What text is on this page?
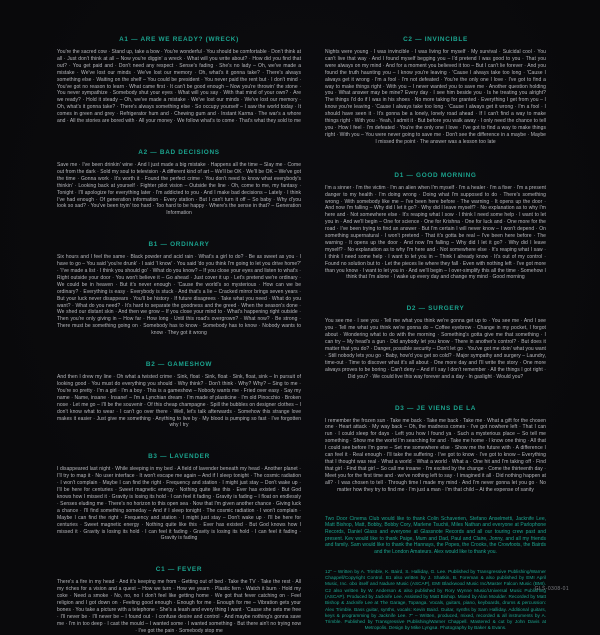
A1 — ARE WE READY? (WRECK)

You're the sacred cow · Stand up, take a bow · You're wonderful · You should be comfortable · Don't think at all · Just don't think at all – Now you're diggin' a wreck · What will you write about? · How did you find that out? · You get paid and · Don't need any respect · Sense's fading · She's no lady – Oh, we've made a mistake · We've lost our minds · We've lost our memory · Oh, what's it gonna take? · There's always something else · Waiting on the shelf – You could be president · You never paid the rent but · I don't mind · You've got no reason to learn · What came first · It can't be good enough – Now you're throwin' the stone · You never sympathize · Somebody shut your eyes · What will you say · With that mind of your own? · Are we ready? · Hold it steady – Oh, we've made a mistake · We've lost our minds · We've lost our memory · Oh, what's it gonna take? · There's always something else · So occupy yourself – I saw the world today · It comes in green and grey · Refrigerator hum and · Chewing gum and · Instant Karma · The war's a whore and · All the stories are bored with · All your money · We follow what's to come · That's what they sold to me

A2 — BAD DECISIONS

Save me · I've been drinkin' wine · And I just made a big mistake · Happens all the time – Slay me · Come out from the dark · Sold my soul to television · A different kind of art – We'll be OK · We'll be OK – We've got the time · Gonna work · It's worth it · Found the perfect crime · You don't need to know what everybody's thinkin' · Looking back at yourself · Fighter pilot vision – Outside the line · Oh, come to me, my fantasy · Tonight · I'll apologize for everything later · I'm addicted to you · And I make bad decisions – Lately · I think I've had enough · Of generation information · Every station · But I can't turn it off – So baby · Why d'you look so sad? · You've been tryin' too hard · Too hard to be happy · Where's the sense in that? – Generation Information

B1 — ORDINARY

Six hours and I feel the same · Black powder and acid rain · What's a girl to do? · Be as sweet as you · I have to go – You said 'you're drunk' · I said 'I know' · You said 'do you think I'm going to let you drive home?' · 'I've made a list · I think you should go' · What do you know? – If you close your eyes and listen to what's · Right outside your door · You won't believe it – Go ahead · Just cover it up · Let's pretend we're ordinary · We could be in heaven · But it's never enough · 'Cause the world's so mysterious · How can we be ordinary? · Everything is easy · Everybody is stuck · And that's a lie – Cracked mirror brings seven years · But your luck never disappears · You'll be history · If future disagrees · Take what you need · What do you want? · What do you need? · It's hard to separate the goodness and the greed · When the season's done · We shed our distant skin · And then we grow – If you close your mind to · What's happening right outside · Then you're only giving in – How far · How long · Until this road's overgrown? · What now? · Be strong · There must be something going on · Somebody has to know · Somebody has to know · Nobody wants to know · They got it wrong

B2 — GAMESHOW

And then I drew my line · Oh what a twisted crime · Sink, float · Sink, float · Sink, float, sink – In pursuit of looking good · You must do everything you should · Why think? · Don't think · Why? Why? – Sing to me · You're so pretty · I'm a girl · I'm a boy · This is a gameshow – Nobody wants me · Fried over easy · Say my name · Name, insane · Insane! – I'm a Lynchian dream · I'm made of plasticine · I'm old Pinocchio · Broken nose · Let me go – I'll be the souvenir · Of this cheap champagne · Spill the bubbles on designer clothes – I don't know what to wear · I can't go over there · Well, let's talk afterwards · Somehow this strange love makes it easier · Just give me something · Anything to live by · My blood is pumping so fast · I've forgotten why I try

B3 — LAVENDER

I disappeared last night · While sleeping in my bed · A field of lavender beneath my head · Another planet · I'll try to map it · No user interface · It won't escape me again – And if I sleep tonight · The cosmic radiation · I won't complain · Maybe I can find the right · Frequency and station · I might just stay – Don't wake up · I'll be here for centuries · Sweet magnetic energy · Nothing quite like this · Ever has existed · But God knows how I missed it · Gravity is losing its hold · I can feel it fading · Gravity is fading – I float on endlessly · Senses eluding me · There's no horizon to this open sea · Now that I'm given another chance · Giving luck a chance · I'll find something someday – And if I sleep tonight · The cosmic radiation · I won't complain · Maybe I can find the right · Frequency and station · I might just stay – Don't wake up · I'll be here for centuries · Sweet magnetic energy · Nothing quite like this · Ever has existed · But God knows how I missed it · Gravity is losing its hold · I can feel it fading · Gravity is losing its hold · I can feel it fading · Gravity is fading

C1 — FEVER

There's a fire in my head · And it's keeping me from · Getting out of bed · Take the TV · Take the rest · All my riches for a vision and a quest – How we turn · How we yearn · Plastic fern · Watch it burn · Hold my coke · Need a smoke · No, no, no I don't feel like getting home · We got that fever catching on · Feel religion and I got down on · Feeling good enough · Enough for me · Enough for me – Vibration gets your bones · You take a picture with a telephone · She's a leash and every thing I want · 'Cause she sets me free · I'll never be · I'll never be – I found out · I confuse desire and control · And maybe nothing's gonna save me · I'm in too deep · I cast the mould – I wanted some · I wanted something · But there ain't no trying now · I've got the pain · Somebody stop me

C2 — INVINCIBLE

Nights were young · I was invincible · I was living for myself · My survival · Suicidal cool · You can't live that way · And I found myself begging you – I'd pretend I was good to you · That you were always on my mind · And for a moment you believed it too – But I can't lie forever · And you found the truth haunting you – I know you're leaving · 'Cause I always take too long · 'Cause I always get it wrong · I'm a fool · I'm not defeated · You're the only one I love · I've got to find a way to make things right · With you – I never wanted you to save me · Another question holding you · What answer may be mine? Every day · I see him beside you · Is he treating you alright? The things I'd do if I was in his shoes · No more taking for granted · Everything I get from you – I know you're leaving · 'Cause I always take too long · 'Cause I always get it wrong · I'm a fool · I should have seen it · It's gonna be a lonely, lonely road ahead · If I can't find a way to make things right · With you · Yeah, I admit it · But before you walk away · I only need the chance to tell you · How I feel · I'm defeated · You're the only one I love · I've got to find a way to make things right · With you – You were never going to save me · Don't see the difference in a maybe · Maybe I missed the point · The answer was a lesson too late

D1 — GOOD MORNING

I'm a sinner · I'm the victim · I'm an alien when I'm myself · I'm a healer · I'm a fixer · I'm a present danger to my health · I'm doing wrong · Doing what I'm supposed to do · There's something wrong · With somebody like me – I've been here before · The warning · It opens up the door · And now I'm falling – Why did I let it go? · Why did I leave myself? · No explanation as to why I'm here and · Not somewhere else · It's reaping what I sow · I think I need some help · I want to let you in · And we'll begin – One for science · One for Krishna · One for luck and · One more for the road · I've been trying to find an answer · But I'm certain I will never know – I won't depend · On something supernatural · I won't pretend · That it's gotta be real – I've been here before · The warning · It opens up the door · And now I'm falling – Why did I let it go? · Why did I leave myself? · No explanation as to why I'm here and · Not somewhere else · It's reaping what I saw · I think I need some help · I want to let you in – Think I already know · It's out of my control · Found no solution but to · Let the pieces lie where they fall · Even with nothing left · I've got more than you know · I want to let you in · And we'll begin – I over-simplify this all the time · Somehow I think that I'm alone · I wake up every day and change my mind · Good morning

D2 — SURGERY

You see me · I see you · Tell me what you think we're gonna get up to · You see me · And I see you · Tell me what you think we're gonna do – Coffee eyebrow · Change in my pocket, I forgot about · Wondering what to do with the morning · Something's gotta give me that something · I can try – My head's a gun · Did anybody let you know · There in another's control? · But does it matter that you do? · Danger, possible security – Don't let go · You've got me doin' what you want · Still nobody lets you go · Baby, how'd you get so cold? · Major sympathy and surgery – Laundry, time-out · Time to discover what it's all about · One more day and I'll write the story · One more always proves to be boring · Can't deny – And if I say I don't remember · All the things I got right · Did you? · We could live this way forever and a day · In gaslight · Would you?

D3 — JE VIENS DE LA

I remember the frozen sun · Take me back · Take me back · Take me · What a gift for the chosen one · Heart attack · My way back – Oh, the madness comes · I've got nowhere left · That I can run · I could sleep for days · Left you how I found ya · Such a mysterious place – So tell me something · Show me the world I'm searching for and · Take me home · I know one thing · All that I could see before I'm gone – Set me somewhere else · Show me the future with · A difference I can feel it · Real enough · I'll take the suffering · I've got to know · I've got to know – Everything that I thought was real · What a world · What a world · What a · One hit and I'm taking off · Find that girl · Find that girl – So call me insane · I'm excited by the change · Come the thirteenth day · Meet you for the first time and · we've nothing left to say · I imagined it all · Did nothing happen at all? · I was chosen to tell · Through time I made my mind · And I'm never gonna let you go · No matter how they try to find me · I'm just a man · I'm that child – At the expense of sanity

Two Door Cinema Club would like to thank Colin Schaverien, Stefano Anselmetti, Jacknife Lee, Matt Bishop, Matt, Bobby, Bobby Cory, Marlene Tsuchii, Miles Nathan and everyone at Parlophone Records, Daniel Glass and everyone at Glassnote Records and all our touring crew past and present. Kev would like to thank Paige, Mum and Dad, Paul and Claire, Jonny, and all my friends and family. Sam would like to thank the Hannays, the Popes, the Crooks, the Crowfoots, the Bairds and the London Amateurs. Alex would like to thank you.

12" – Written by A. Trimble, K. Baird, S. Halliday, G. Lee. Published by Transgressive Publishing/Warner Chappell/Copyright Control. B1 also written by J. Shatkin, B. Foreman & also published by EMI April Music, Inc. obo itself and Nadure Music (ASCAP), EMI Blackwood Music Inc/Master Falcon Music (BMI). C2 also written by W. Anderson & also published by Rory Wynne Music/Universal Music Publishing (ASCAP). Produced by Jacknife Lee. Assisted by Matt Bishop. Mixed by Alan Moulder. Recorded by Matt Bishop & Jacknife Lee at The Garage, Topanga. Vocals, guitars, piano, keyboards, drums & percussion: Alex Trimble. Bass guitar, synths, vocals: Kevin Baird. Guitar, synths by Sam Halliday. Additional guitars, keys & programming by Jacknife Lee. 7" – Written, produced, mixed, recorded & all instruments by A. Trimble. Published by Transgressive Publishing/Warner Chappell. Mastered & cut by John Davis at Metropolis. Design by Mike Lyngsø. Photography by Baker & Evans.

GLS-0308-01
